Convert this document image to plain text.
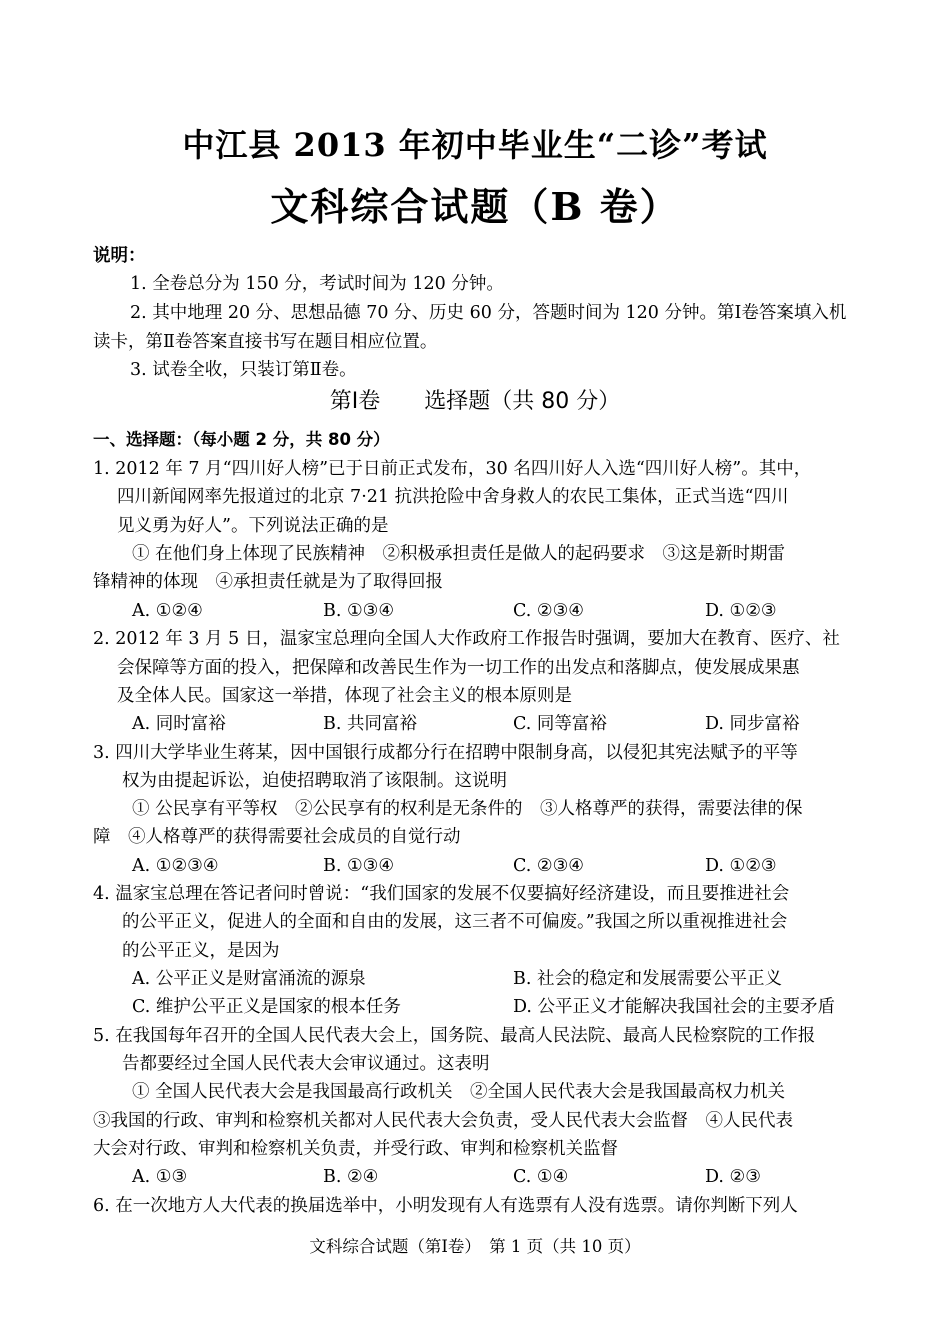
中江县 2013 年初中毕业生“二诊”考试
文科综合试题（B 卷）
说明：
1. 全卷总分为 150 分，考试时间为 120 分钟。
2. 其中地理 20 分、思想品德 70 分、历史 60 分，答题时间为 120 分钟。第Ⅰ卷答案填入机
读卡，第Ⅱ卷答案直接书写在题目相应位置。
3. 试卷全收，只装订第Ⅱ卷。
第Ⅰ卷　　选择题（共 80 分）
一、选择题：（每小题 2 分，共 80 分）
1. 2012 年 7 月“四川好人榜”已于日前正式发布，30 名四川好人入选“四川好人榜”。其中，
四川新闻网率先报道过的北京 7·21 抗洪抢险中舍身救人的农民工集体，正式当选“四川
见义勇为好人”。下列说法正确的是
① 在他们身上体现了民族精神　②积极承担责任是做人的起码要求　③这是新时期雷
锋精神的体现　④承担责任就是为了取得回报
A. ①②④	B. ①③④	C. ②③④	D. ①②③
2. 2012 年 3 月 5 日，温家宝总理向全国人大作政府工作报告时强调，要加大在教育、医疗、社
会保障等方面的投入，把保障和改善民生作为一切工作的出发点和落脚点，使发展成果惠
及全体人民。国家这一举措，体现了社会主义的根本原则是
A. 同时富裕	B. 共同富裕	C. 同等富裕	D. 同步富裕
3. 四川大学毕业生蒋某，因中国银行成都分行在招聘中限制身高，以侵犯其宪法赋予的平等
权为由提起诉讼，迫使招聘取消了该限制。这说明
① 公民享有平等权　②公民享有的权利是无条件的　③人格尊严的获得，需要法律的保
障　④人格尊严的获得需要社会成员的自觉行动
A. ①②③④	B. ①③④	C. ②③④	D. ①②③
4. 温家宝总理在答记者问时曾说：“我们国家的发展不仅要搞好经济建设，而且要推进社会
的公平正义，促进人的全面和自由的发展，这三者不可偏废。”我国之所以重视推进社会
的公平正义，是因为
A. 公平正义是财富涌流的源泉	B. 社会的稳定和发展需要公平正义
C. 维护公平正义是国家的根本任务	D. 公平正义才能解决我国社会的主要矛盾
5. 在我国每年召开的全国人民代表大会上，国务院、最高人民法院、最高人民检察院的工作报
告都要经过全国人民代表大会审议通过。这表明
① 全国人民代表大会是我国最高行政机关　②全国人民代表大会是我国最高权力机关
③我国的行政、审判和检察机关都对人民代表大会负责，受人民代表大会监督　④人民代表
大会对行政、审判和检察机关负责，并受行政、审判和检察机关监督
A. ①③	B. ②④	C. ①④	D. ②③
6. 在一次地方人大代表的换届选举中，小明发现有人有选票有人没有选票。请你判断下列人
文科综合试题（第Ⅰ卷）　第 1 页（共 10 页）
